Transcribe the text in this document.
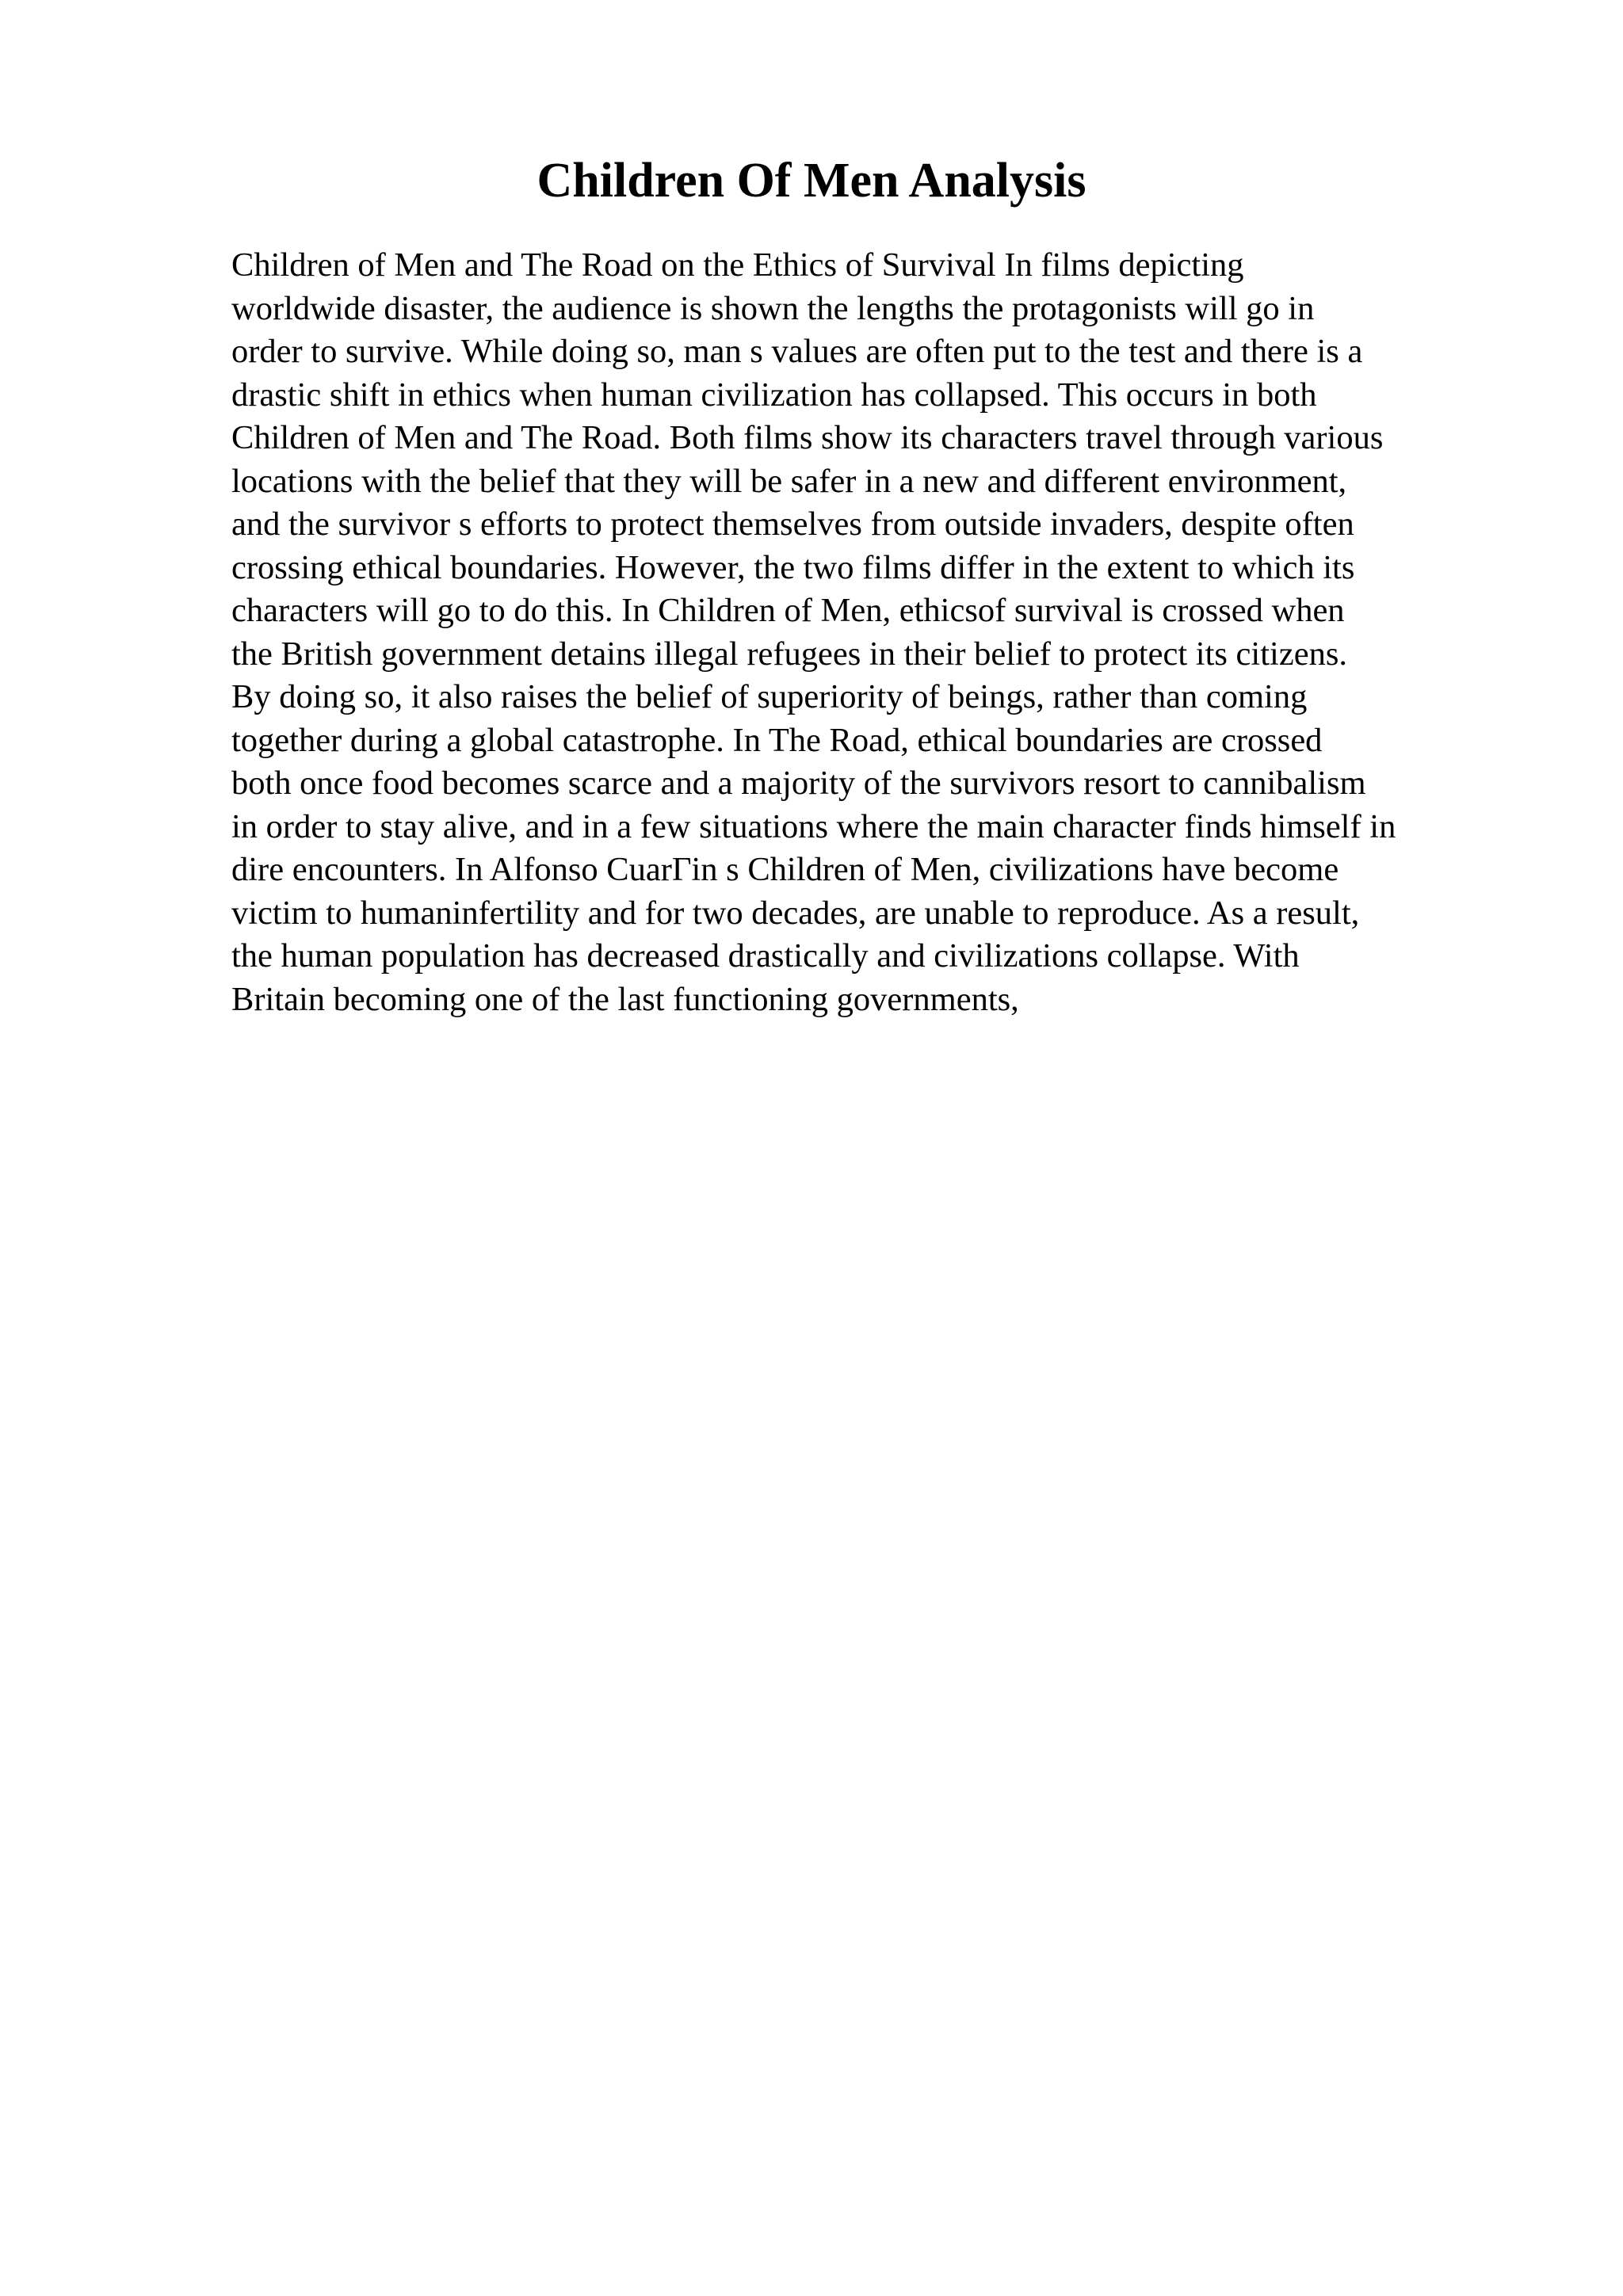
Children Of Men Analysis
Children of Men and The Road on the Ethics of Survival In films depicting
worldwide disaster, the audience is shown the lengths the protagonists will go in
order to survive. While doing so, man s values are often put to the test and there is a
drastic shift in ethics when human civilization has collapsed. This occurs in both
Children of Men and The Road. Both films show its characters travel through various
locations with the belief that they will be safer in a new and different environment,
and the survivor s efforts to protect themselves from outside invaders, despite often
crossing ethical boundaries. However, the two films differ in the extent to which its
characters will go to do this. In Children of Men, ethicsof survival is crossed when
the British government detains illegal refugees in their belief to protect its citizens.
By doing so, it also raises the belief of superiority of beings, rather than coming
together during a global catastrophe. In The Road, ethical boundaries are crossed
both once food becomes scarce and a majority of the survivors resort to cannibalism
in order to stay alive, and in a few situations where the main character finds himself in
dire encounters. In Alfonso CuarГin s Children of Men, civilizations have become
victim to humaninfertility and for two decades, are unable to reproduce. As a result,
the human population has decreased drastically and civilizations collapse. With
Britain becoming one of the last functioning governments,
